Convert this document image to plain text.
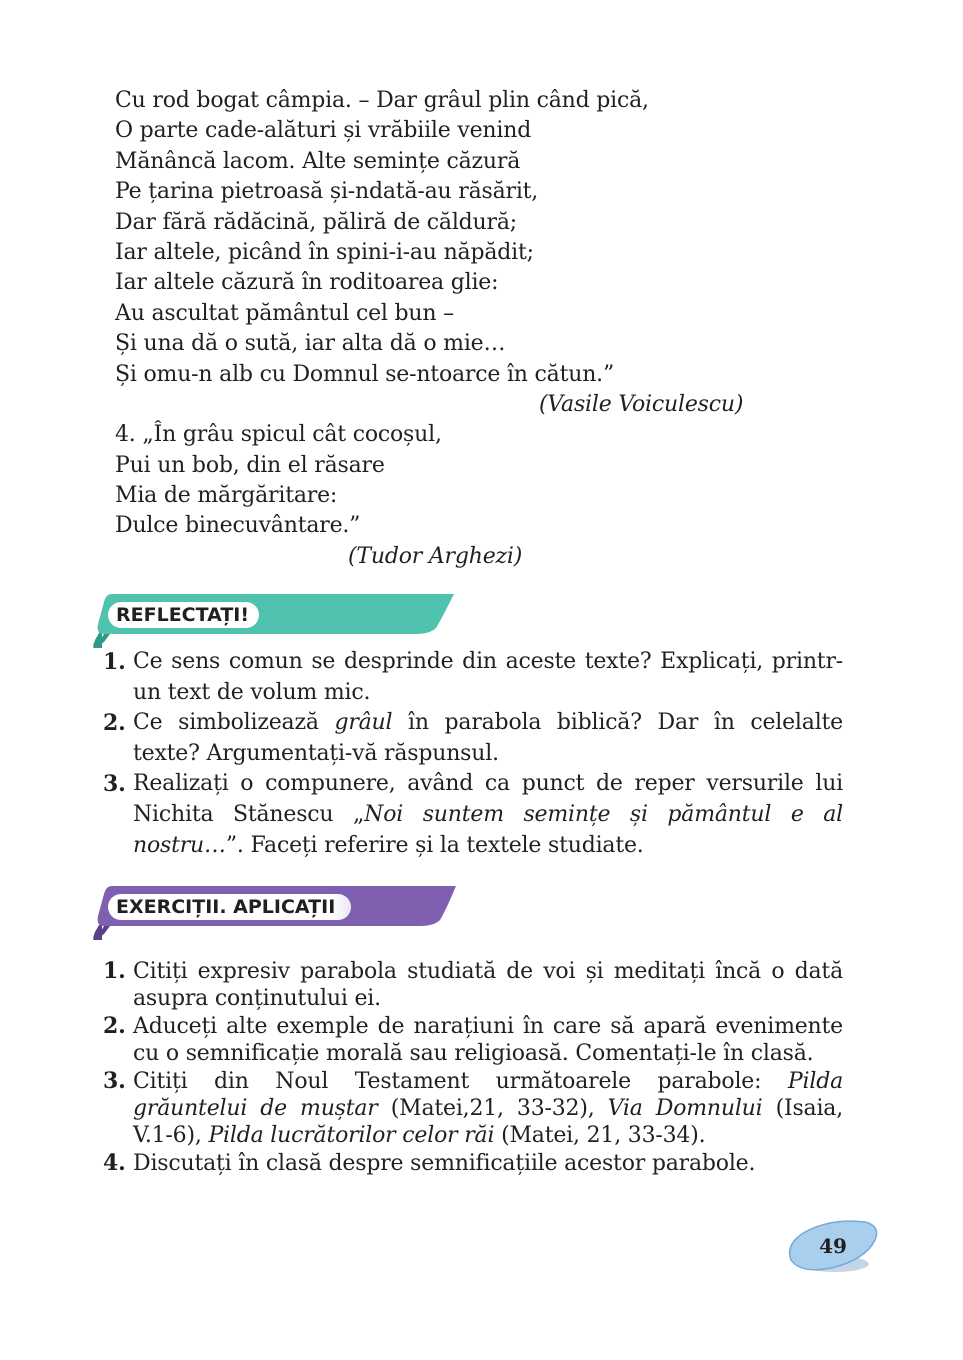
Cu rod bogat câmpia. – Dar grâul plin când pică,
O parte cade-alături și vrăbiile venind
Mănâncă lacom. Alte semințe căzură
Pe țarina pietroasă și-ndată-au răsărit,
Dar fără rădăcină, păliră de căldură;
Iar altele, picând în spini-i-au năpădit;
Iar altele căzură în roditoarea glie:
Au ascultat pământul cel bun –
Și una dă o sută, iar alta dă o mie…
Și omu-n alb cu Domnul se-ntoarce în cătun.”
(Vasile Voiculescu)
4. „În grâu spicul cât cocoșul,
Pui un bob, din el răsare
Mia de mărgăritare:
Dulce binecuvântare.”
(Tudor Arghezi)
REFLECTAȚI!
1. Ce sens comun se desprinde din aceste texte? Explicați, printr-un text de volum mic.
2. Ce simbolizează grâul în parabola biblică? Dar în celelalte texte? Argumentați-vă răspunsul.
3. Realizați o compunere, având ca punct de reper versurile lui Nichita Stănescu „Noi suntem semințe și pământul e al nostru…”. Faceți referire și la textele studiate.
EXERCIȚII. APLICAȚII
1. Citiți expresiv parabola studiată de voi și meditați încă o dată asupra conținutului ei.
2. Aduceți alte exemple de narațiuni în care să apară evenimente cu o semnificație morală sau religioasă. Comentați-le în clasă.
3. Citiți din Noul Testament următoarele parabole: Pilda grăuntelui de muștar (Matei,21, 33-32), Via Domnului (Isaia, V.1-6), Pilda lucrătorilor celor răi (Matei, 21, 33-34).
4. Discutați în clasă despre semnificațiile acestor parabole.
49
